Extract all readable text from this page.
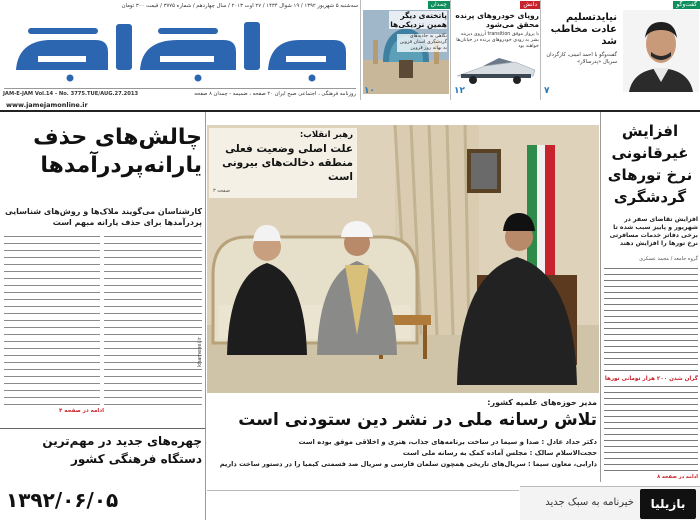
سه‌شنبه ۵ شهریور ۱۳۹۲ / ۱۹ شوال ۱۴۳۴ / ۲۷ اوت ۲۰۱۳ / سال چهاردهم / شماره ۳۷۷۵ / قیمت ۳۰۰ تومان
JAM-E-JAM Vol.14 - No. 3775.TUE/AUG.27.2013	روزنامه فرهنگی ، اجتماعی صبح ایران ۲۰ صفحه ، ضمیمه - چمدان ۸ صفحه
www.jamejamonline.ir
گفت‌وگو
نیایدتسلیم عادت مخاطب شد
گفت‌وگو با احمد امینی، کارگردان سریال «پدرسالار»
۷
دانش
رویای خودروهای پرنده محقق می‌شود
با پرواز موفق transition آرزوی دیرینه بشر به زودی خودروهای پرنده در خیابان‌ها خواهند بود
۱۲
چمدان
پاتخته‌ی دیگر همین نزدیکی‌ها
نگاهی به جاذبه‌های گردشگری استان قزوین به بهانه روز قزوین
۱۰
چالش‌های حذف یارانه‌پردرآمدها
کارشناسان می‌گویند ملاک‌ها و روش‌های شناسایی پردرآمدها برای حذف یارانه مبهم است
ادامه در صفحه ۴
چهره‌های جدید در مهم‌ترین دستگاه فرهنگی کشور
۱۳۹۲/۰۶/۰۵
رهبر انقلاب:
علت اصلی وضعیت فعلی منطقه دخالت‌های بیرونی است
صفحه ۳
khamenei.ir
مدیر حوزه‌های علمیه کشور:
تلاش رسانه ملی در نشر دین ستودنی است
دکتر حداد عادل : صدا و سیما در ساخت برنامه‌های جذاب، هنری و اخلاقی موفق بوده است
حجت‌الاسلام سالک : مجلس آماده کمک به رسانه ملی است
دارابی، معاون سیما : سریال‌های تاریخی همچون سلمان فارسی و سریال صد فسمتی کیمیا را در دستور ساخت داریم
افزایش غیرقانونی نرخ تورهای گردشگری
افزایش تقاضای سفر در شهریور و پاییز سبب شده تا برخی دفاتر خدمات مسافرتی نرخ تورها را افزایش دهند
گروه جامعه / محمد عسکری
گران شدن ۲۰۰ هزار تومانی تورها
ادامه در صفحه ۸
خیرنامه به سبک جدید	بازیلیا
